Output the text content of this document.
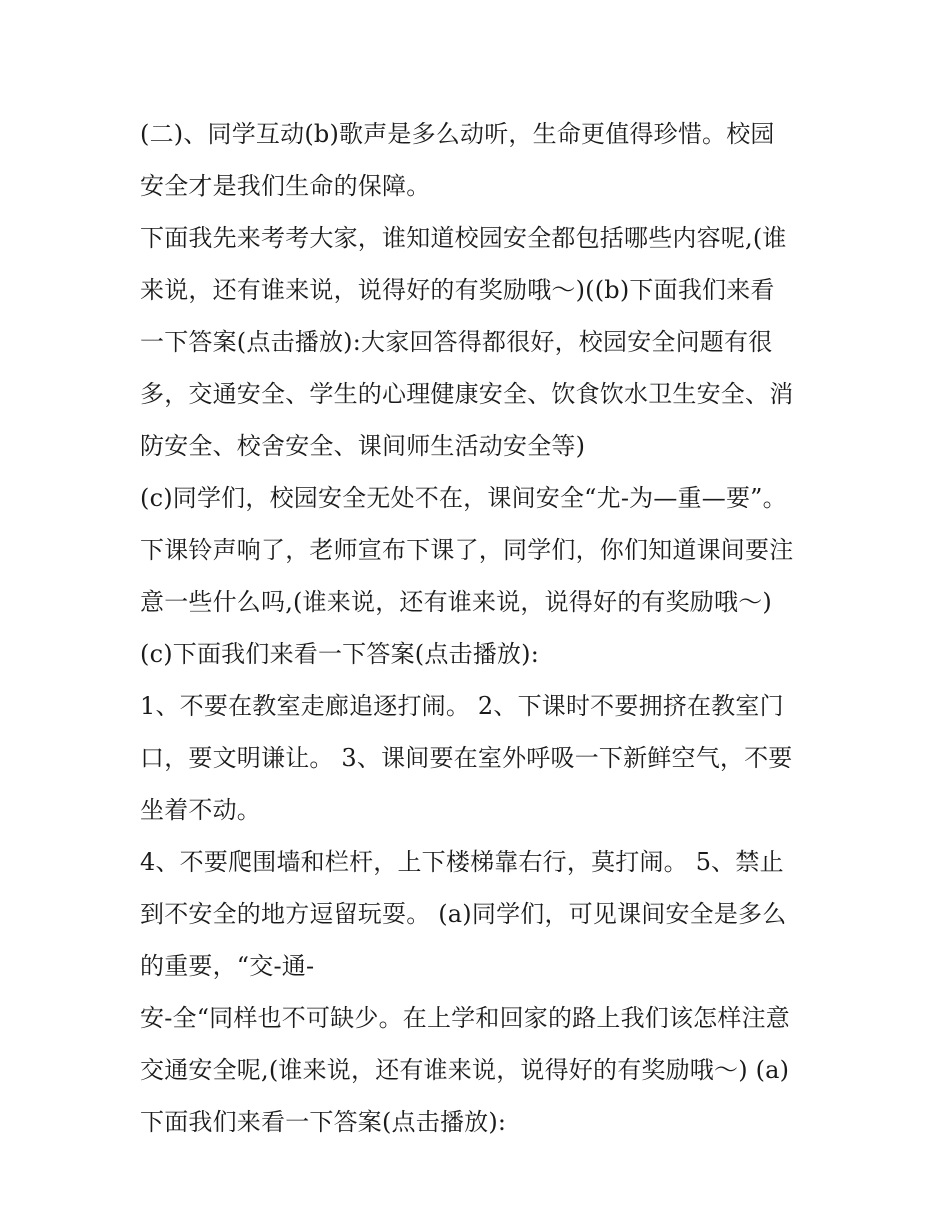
(二)、同学互动(b)歌声是多么动听，生命更值得珍惜。校园
安全才是我们生命的保障。
下面我先来考考大家，谁知道校园安全都包括哪些内容呢,(谁
来说，还有谁来说，说得好的有奖励哦～)((b)下面我们来看
一下答案(点击播放):大家回答得都很好，校园安全问题有很
多，交通安全、学生的心理健康安全、饮食饮水卫生安全、消
防安全、校舍安全、课间师生活动安全等)
(c)同学们，校园安全无处不在，课间安全“尤-为—重—要”。
下课铃声响了，老师宣布下课了，同学们，你们知道课间要注
意一些什么吗,(谁来说，还有谁来说，说得好的有奖励哦～)
(c)下面我们来看一下答案(点击播放):
1、不要在教室走廊追逐打闹。 2、下课时不要拥挤在教室门
口，要文明谦让。 3、课间要在室外呼吸一下新鲜空气，不要
坐着不动。
4、不要爬围墙和栏杆，上下楼梯靠右行，莫打闹。 5、禁止
到不安全的地方逗留玩耍。 (a)同学们，可见课间安全是多么
的重要，“交-通-
安-全“同样也不可缺少。在上学和回家的路上我们该怎样注意
交通安全呢,(谁来说，还有谁来说，说得好的有奖励哦～) (a)
下面我们来看一下答案(点击播放):
